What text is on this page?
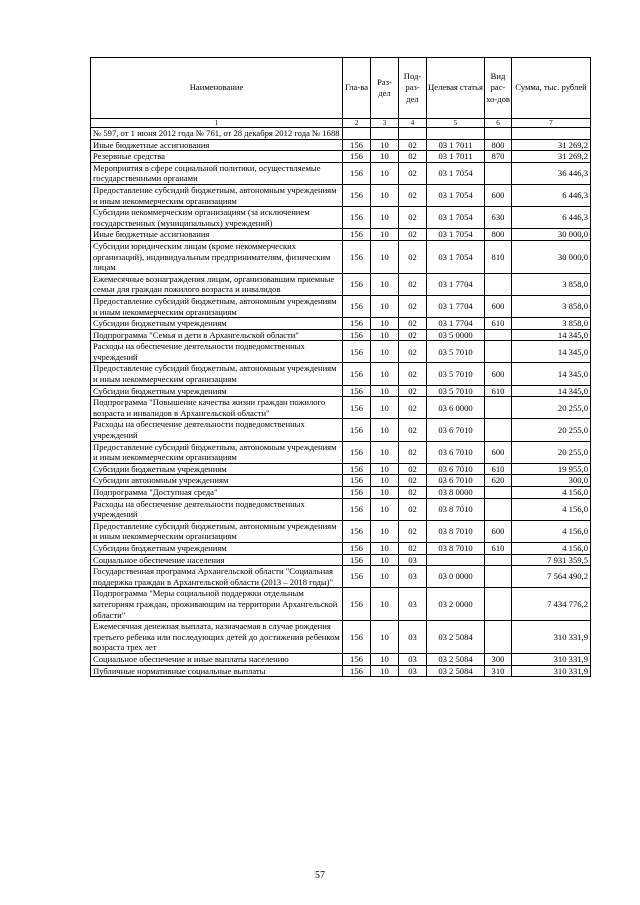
Наименование	Гла-ва	Раз-дел	Под-раз-дел	Целевая статья	Вид рас-хо-дов	Сумма, тыс. рублей
1	2	3	4	5	6	7
№ 597, от 1 июня 2012 года № 761, от 28 декабря 2012 года № 1688						
Иные бюджетные ассигнования	156	10	02	03 1 7011	800	31 269,2
Резервные средства	156	10	02	03 1 7011	870	31 269,2
Мероприятия в сфере социальной политики, осуществляемые государственными органами	156	10	02	03 1 7054		36 446,3
Предоставление субсидий бюджетным, автономным учреждениям и иным некоммерческим организациям	156	10	02	03 1 7054	600	6 446,3
Субсидии некоммерческим организациям (за исключением государственных (муниципальных) учреждений)	156	10	02	03 1 7054	630	6 446,3
Иные бюджетные ассигнования	156	10	02	03 1 7054	800	30 000,0
Субсидии юридическим лицам (кроме некоммерческих организаций), индивидуальным предпринимателям, физическим лицам	156	10	02	03 1 7054	810	30 000,0
Ежемесячные вознаграждения лицам, организовавшим приемные семьи для граждан пожилого возраста и инвалидов	156	10	02	03 1 7704		3 858,0
Предоставление субсидий бюджетным, автономным учреждениям и иным некоммерческим организациям	156	10	02	03 1 7704	600	3 858,0
Субсидии бюджетным учреждениям	156	10	02	03 1 7704	610	3 858,0
Подпрограмма "Семья и дети в Архангельской области"	156	10	02	03 5 0000		14 345,0
Расходы на обеспечение деятельности подведомственных учреждений	156	10	02	03 5 7010		14 345,0
Предоставление субсидий бюджетным, автономным учреждениям и иным некоммерческим организациям	156	10	02	03 5 7010	600	14 345,0
Субсидии бюджетным учреждениям	156	10	02	03 5 7010	610	14 345,0
Подпрограмма "Повышение качества жизни граждан пожилого возраста и инвалидов в Архангельской области"	156	10	02	03 6 0000		20 255,0
Расходы на обеспечение деятельности подведомственных учреждений	156	10	02	03 6 7010		20 255,0
Предоставление субсидий бюджетным, автономным учреждениям и иным некоммерческим организациям	156	10	02	03 6 7010	600	20 255,0
Субсидии бюджетным учреждениям	156	10	02	03 6 7010	610	19 955,0
Субсидии автономным учреждениям	156	10	02	03 6 7010	620	300,0
Подпрограмма "Доступная среда"	156	10	02	03 8 0000		4 156,0
Расходы на обеспечение деятельности подведомственных учреждений	156	10	02	03 8 7010		4 156,0
Предоставление субсидий бюджетным, автономным учреждениям и иным некоммерческим организациям	156	10	02	03 8 7010	600	4 156,0
Субсидии бюджетным учреждениям	156	10	02	03 8 7010	610	4 156,0
Социальное обеспечение населения	156	10	03			7 931 359,5
Государственная программа Архангельской области "Социальная поддержка граждан в Архангельской области (2013 – 2018 годы)"	156	10	03	03 0 0000		7 564 490,2
Подпрограмма "Меры социальной поддержки отдельным категориям граждан, проживающим на территории Архангельской области"	156	10	03	03 2 0000		7 434 776,2
Ежемесячная денежная выплата, назначаемая в случае рождения третьего ребенка или последующих детей до достижения ребенком возраста трех лет	156	10	03	03 2 5084		310 331,9
Социальное обеспечение и иные выплаты населению	156	10	03	03 2 5084	300	310 331,9
Публичные нормативные социальные выплаты	156	10	03	03 2 5084	310	310 331,9
57
